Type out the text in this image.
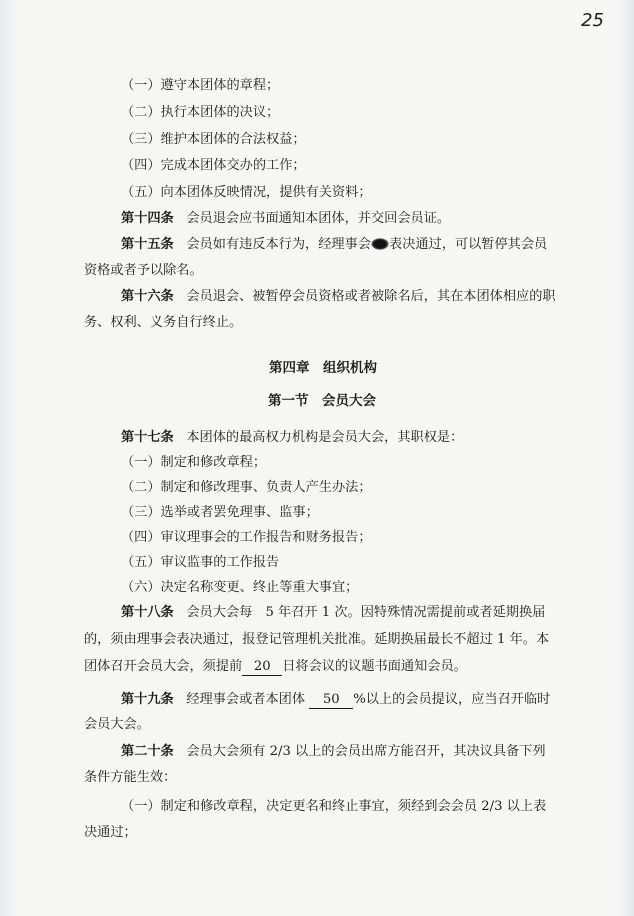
25
（一）遵守本团体的章程；
（二）执行本团体的决议；
（三）维护本团体的合法权益；
（四）完成本团体交办的工作；
（五）向本团体反映情况，提供有关资料；
第十四条 会员退会应书面通知本团体，并交回会员证。
第十五条 会员如有违反本行为，经理事会 表决通过，可以暂停其会员
资格或者予以除名。
第十六条 会员退会、被暂停会员资格或者被除名后，其在本团体相应的职
务、权利、义务自行终止。
第四章　组织机构
第一节　会员大会
第十七条 本团体的最高权力机构是会员大会，其职权是：
（一）制定和修改章程；
（二）制定和修改理事、负责人产生办法；
（三）选举或者罢免理事、监事；
（四）审议理事会的工作报告和财务报告；
（五）审议监事的工作报告
（六）决定名称变更、终止等重大事宜；
第十八条 会员大会每　5 年召开 1 次。因特殊情况需提前或者延期换届
的，须由理事会表决通过，报登记管理机关批准。延期换届最长不超过 1 年。本
团体召开会员大会，须提前 20 日将会议的议题书面通知会员。
第十九条 经理事会或者本团体 50 %以上的会员提议，应当召开临时
会员大会。
第二十条 会员大会须有 2/3 以上的会员出席方能召开，其决议具备下列
条件方能生效：
（一）制定和修改章程，决定更名和终止事宜，须经到会会员 2/3 以上表
决通过；
